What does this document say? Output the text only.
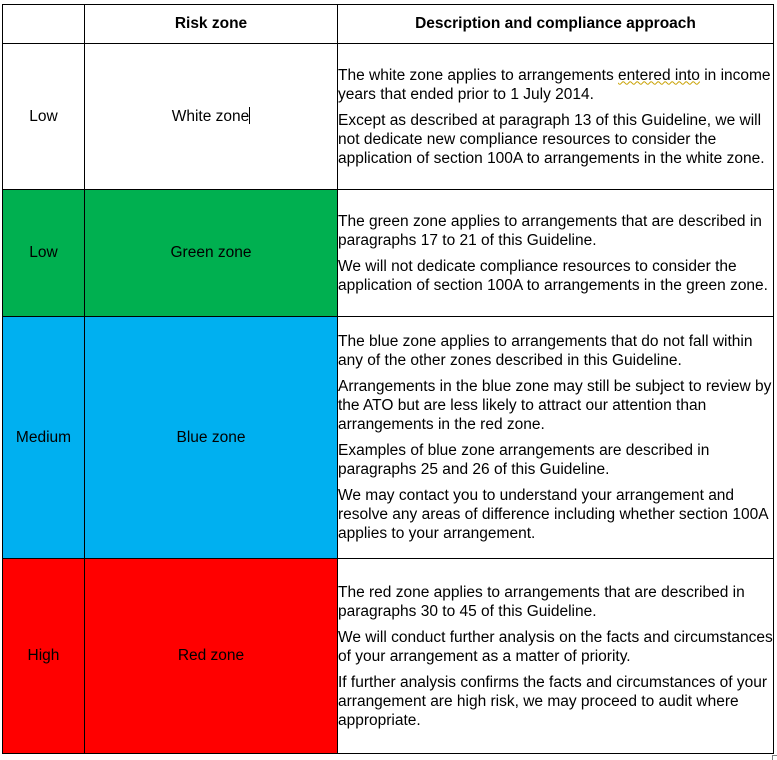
	Risk zone	Description and compliance approach
Low	White zone	The white zone applies to arrangements entered into in income years that ended prior to 1 July 2014.

Except as described at paragraph 13 of this Guideline, we will not dedicate new compliance resources to consider the application of section 100A to arrangements in the white zone.

Low	Green zone	The green zone applies to arrangements that are described in paragraphs 17 to 21 of this Guideline.

We will not dedicate compliance resources to consider the application of section 100A to arrangements in the green zone.

Medium	Blue zone	The blue zone applies to arrangements that do not fall within any of the other zones described in this Guideline.

Arrangements in the blue zone may still be subject to review by the ATO but are less likely to attract our attention than arrangements in the red zone.

Examples of blue zone arrangements are described in paragraphs 25 and 26 of this Guideline.

We may contact you to understand your arrangement and resolve any areas of difference including whether section 100A applies to your arrangement.

High	Red zone	The red zone applies to arrangements that are described in paragraphs 30 to 45 of this Guideline.

We will conduct further analysis on the facts and circumstances of your arrangement as a matter of priority.

If further analysis confirms the facts and circumstances of your arrangement are high risk, we may proceed to audit where appropriate.
